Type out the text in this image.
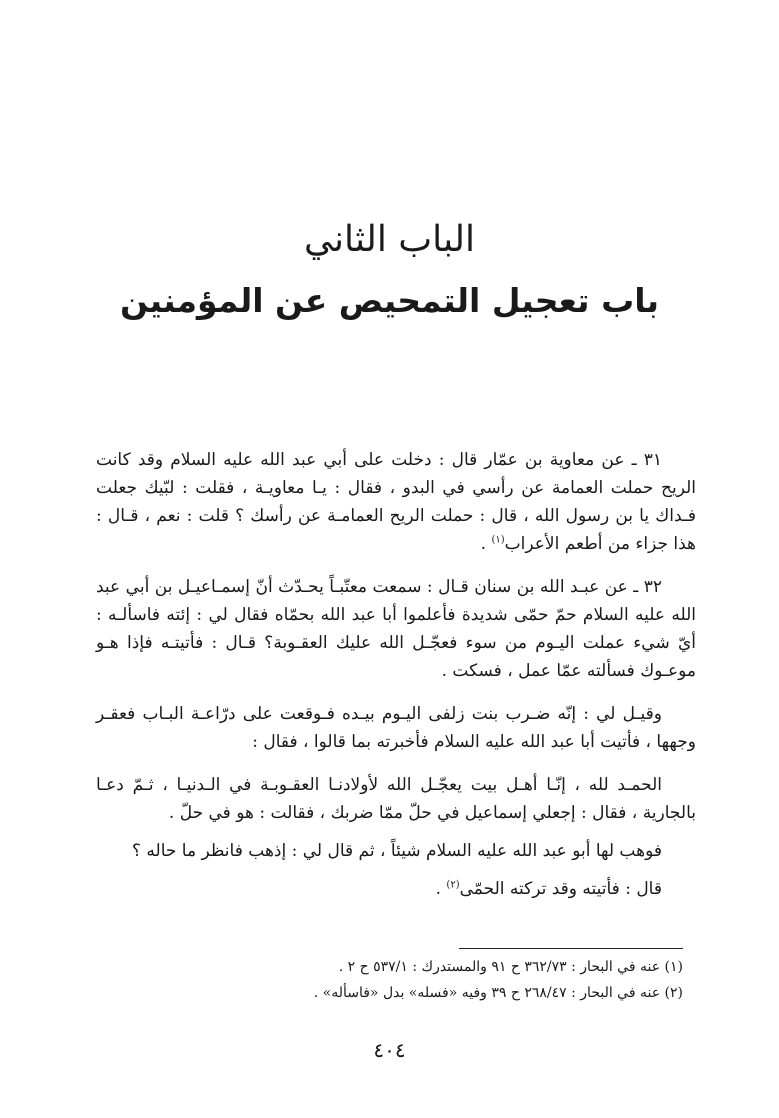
الباب الثاني
باب تعجيل التمحيص عن المؤمنين

٣١ ـ عن معاوية بن عمّار قال : دخلت على أبي عبد الله عليه السلام وقد كانت الريح حملت العمامة عن رأسي في البدو ، فقال : يـا معاويـة ، فقلت : لبّيك جعلت فـداك يا بن رسول الله ، قال : حملت الريح العمامـة عن رأسك ؟ قلت : نعم ، قـال : هذا جزاء من أطعم الأعراب$^{(١)}$ .

٣٢ ـ عن عبـد الله بن سنان قـال : سمعت معتّبـاً يحـدّث أنّ إسمـاعيـل بن أبي عبد الله عليه السلام حمّ حمّى شديدة فأعلموا أبا عبد الله بحمّاه فقال لي : إئته فاسألـه : أيّ شيء عملت اليـوم من سوء فعجّـل الله عليك العقـوبة؟ قـال : فأتيتـه فإذا هـو موعـوك فسألته عمّا عمل ، فسكت .

وقيـل لي : إنّه ضـرب بنت زلفى اليـوم بيـده فـوقعت على درّاعـة البـاب فعقـر وجهها ، فأتيت أبا عبد الله عليه السلام فأخبرته بما قالوا ، فقال :

الحمـد لله ، إنّـا أهـل بيت يعجّـل الله لأولادنـا العقـوبـة في الـدنيـا ، ثـمّ دعـا بالجارية ، فقال : إجعلي إسماعيل في حلّ ممّا ضربك ، فقالت : هو في حلّ .

فوهب لها أبو عبد الله عليه السلام شيئاً ، ثم قال لي : إذهب فانظر ما حاله ؟

قال : فأتيته وقد تركته الحمّى$^{(٢)}$ .

(١) عنه في البحار : ٣٦٢/٧٣ ح ٩١ والمستدرك : ٥٣٧/١ ح ٢ .

(٢) عنه في البحار : ٢٦٨/٤٧ ح ٣٩ وفيه «فسله» بدل «فاسأله» .

٤٠٤
